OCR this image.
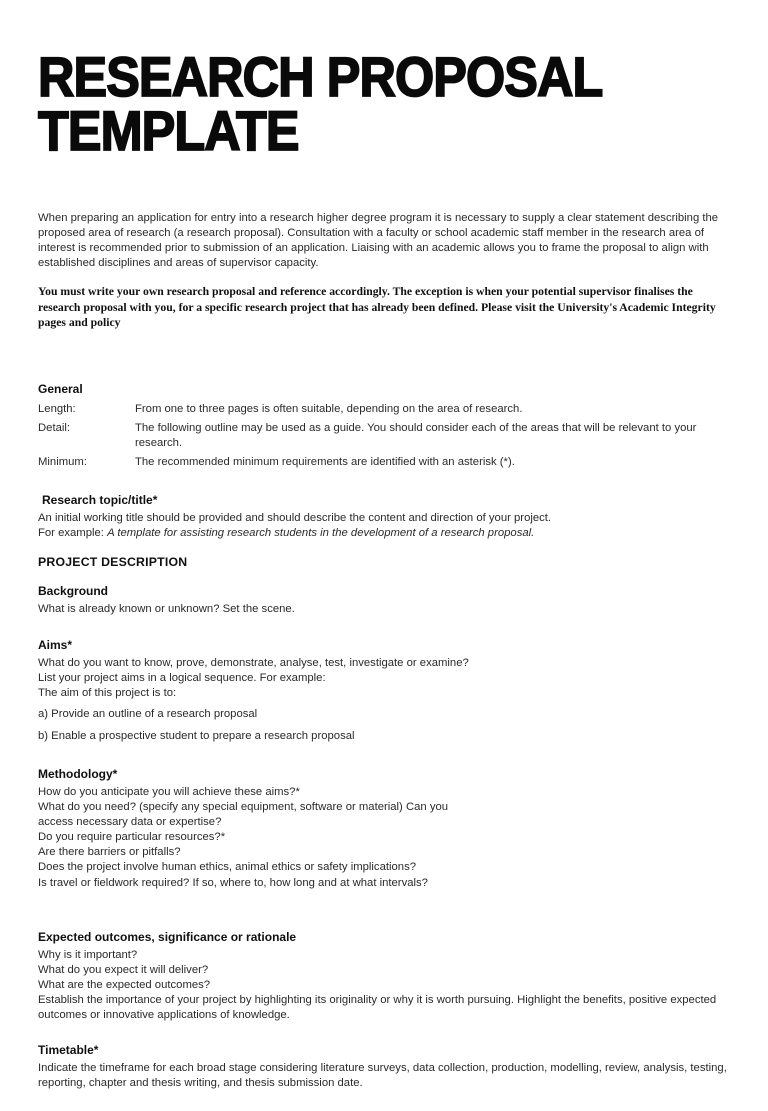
RESEARCH PROPOSAL
TEMPLATE

When preparing an application for entry into a research higher degree program it is necessary to supply a clear statement describing the proposed area of research (a research proposal). Consultation with a faculty or school academic staff member in the research area of interest is recommended prior to submission of an application. Liaising with an academic allows you to frame the proposal to align with established disciplines and areas of supervisor capacity.

You must write your own research proposal and reference accordingly. The exception is when your potential supervisor finalises the research proposal with you, for a specific research project that has already been defined. Please visit the University's Academic Integrity pages and policy

General
Length:	From one to three pages is often suitable, depending on the area of research.
Detail:	The following outline may be used as a guide. You should consider each of the areas that will be relevant to your research.
Minimum:	The recommended minimum requirements are identified with an asterisk (*).
Research topic/title*

An initial working title should be provided and should describe the content and direction of your project.

For example: A template for assisting research students in the development of a research proposal.

PROJECT DESCRIPTION
Background

What is already known or unknown? Set the scene.

Aims*

What do you want to know, prove, demonstrate, analyse, test, investigate or examine? List your project aims in a logical sequence. For example:

The aim of this project is to:

a) Provide an outline of a research proposal

b) Enable a prospective student to prepare a research proposal

Methodology*

How do you anticipate you will achieve these aims?*

What do you need? (specify any special equipment, software or material) Can you access necessary data or expertise?

Do you require particular resources?*

Are there barriers or pitfalls?

Does the project involve human ethics, animal ethics or safety implications?

Is travel or fieldwork required? If so, where to, how long and at what intervals?

Expected outcomes, significance or rationale

Why is it important?

What do you expect it will deliver?

What are the expected outcomes?

Establish the importance of your project by highlighting its originality or why it is worth pursuing. Highlight the benefits, positive expected outcomes or innovative applications of knowledge.

Timetable*

Indicate the timeframe for each broad stage considering literature surveys, data collection, production, modelling, review, analysis, testing, reporting, chapter and thesis writing, and thesis submission date.
